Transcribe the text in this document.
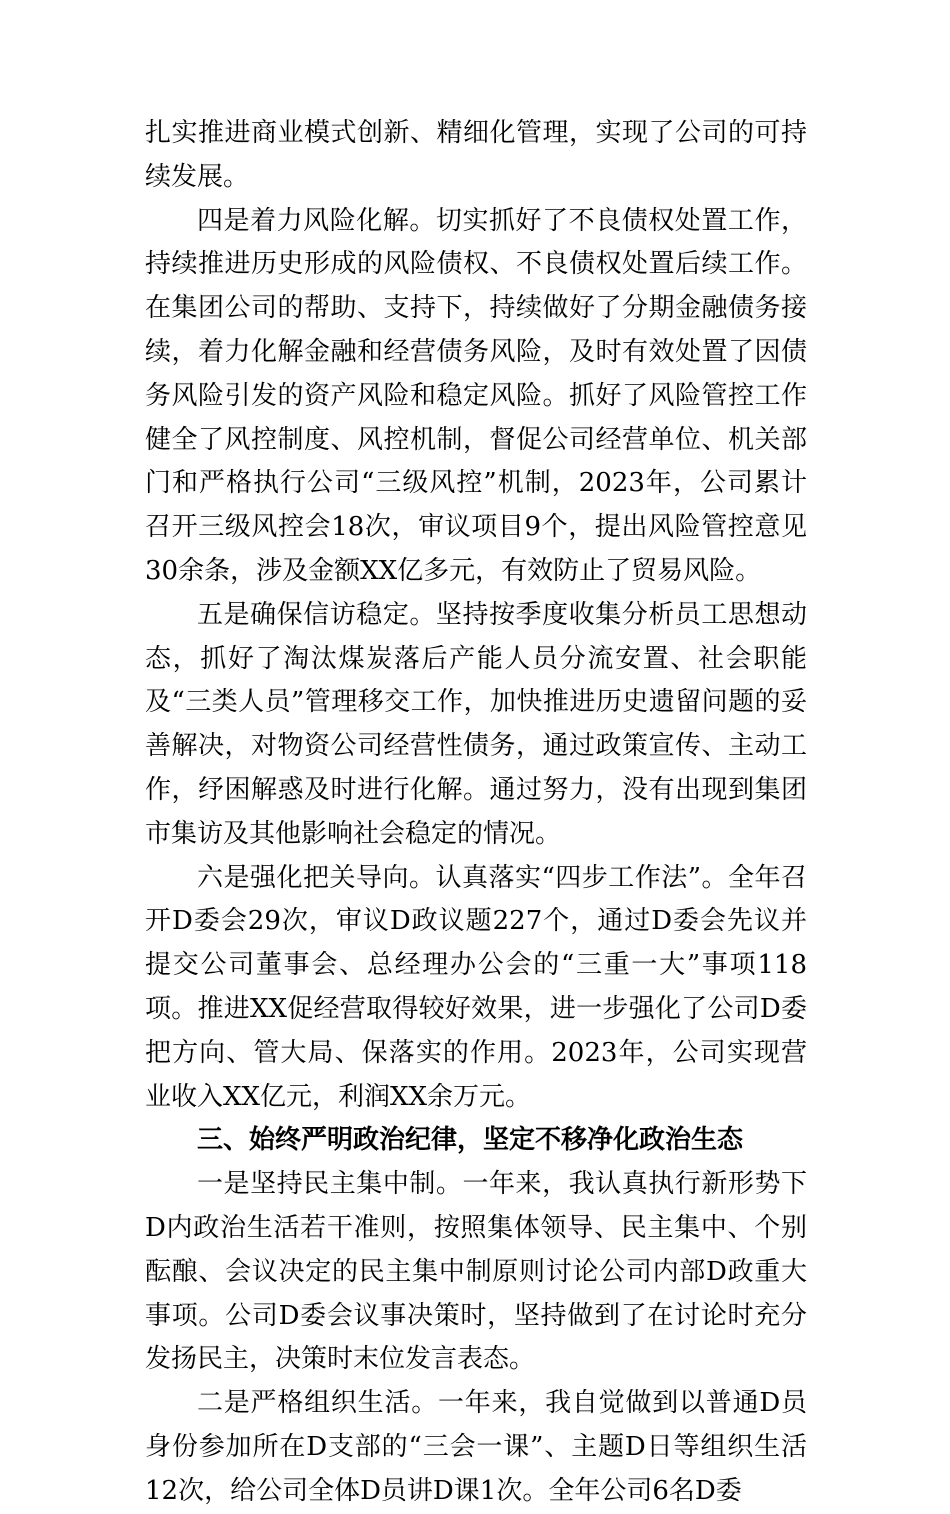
扎实推进商业模式创新、精细化管理，实现了公司的可持续发展。

四是着力风险化解。切实抓好了不良债权处置工作，持续推进历史形成的风险债权、不良债权处置后续工作。在集团公司的帮助、支持下，持续做好了分期金融债务接续，着力化解金融和经营债务风险，及时有效处置了因债务风险引发的资产风险和稳定风险。抓好了风险管控工作健全了风控制度、风控机制，督促公司经营单位、机关部门和严格执行公司“三级风控”机制，2023年，公司累计召开三级风控会18次，审议项目9个，提出风险管控意见30余条，涉及金额XX亿多元，有效防止了贸易风险。

五是确保信访稳定。坚持按季度收集分析员工思想动态，抓好了淘汰煤炭落后产能人员分流安置、社会职能及“三类人员”管理移交工作，加快推进历史遗留问题的妥善解决，对物资公司经营性债务，通过政策宣传、主动工作，纾困解惑及时进行化解。通过努力，没有出现到集团市集访及其他影响社会稳定的情况。

六是强化把关导向。认真落实“四步工作法”。全年召开D委会29次，审议D政议题227个，通过D委会先议并提交公司董事会、总经理办公会的“三重一大”事项118项。推进XX促经营取得较好效果，进一步强化了公司D委把方向、管大局、保落实的作用。2023年，公司实现营业收入XX亿元，利润XX余万元。

三、始终严明政治纪律，坚定不移净化政治生态

一是坚持民主集中制。一年来，我认真执行新形势下D内政治生活若干准则，按照集体领导、民主集中、个别酝酿、会议决定的民主集中制原则讨论公司内部D政重大事项。公司D委会议事决策时，坚持做到了在讨论时充分发扬民主，决策时末位发言表态。

二是严格组织生活。一年来，我自觉做到以普通D员身份参加所在D支部的“三会一课”、主题D日等组织生活12次，给公司全体D员讲D课1次。全年公司6名D委
